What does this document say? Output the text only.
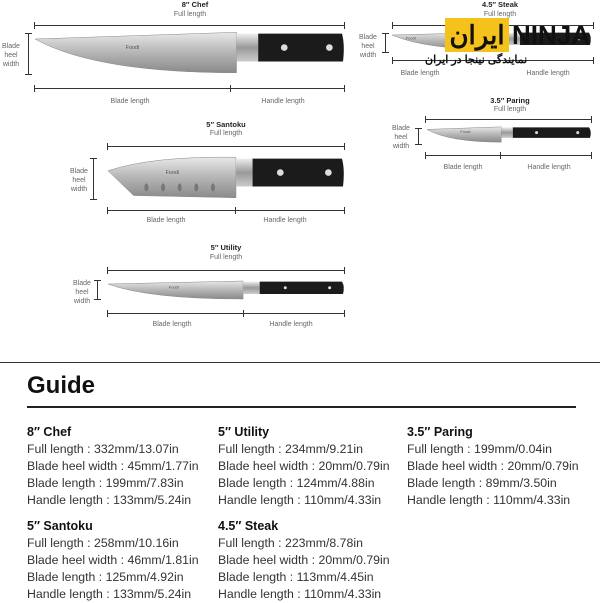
8″ Chef
Full length
Blade heel width
Foodi
Blade length	Handle length
4.5″ Steak
Full length
Blade heel width
Foodi
Blade length	Handle length
3.5″ Paring
Full length
Blade heel width
Foodi
Blade length	Handle length
5″ Santoku
Full length
Blade heel width
Foodi
Blade length	Handle length
5″ Utility
Full length
Blade heel width
Foodi
Blade length	Handle length
ایران NINJA
نمایندگی نینجا در ایران
Guide
8″ Chef
Full length : 332mm/13.07in
Blade heel width : 45mm/1.77in
Blade length : 199mm/7.83in
Handle length : 133mm/5.24in
5″ Santoku
Full length : 258mm/10.16in
Blade heel width : 46mm/1.81in
Blade length : 125mm/4.92in
Handle length : 133mm/5.24in
5″ Utility
Full length : 234mm/9.21in
Blade heel width : 20mm/0.79in
Blade length : 124mm/4.88in
Handle length : 110mm/4.33in
4.5″ Steak
Full length : 223mm/8.78in
Blade heel width : 20mm/0.79in
Blade length : 113mm/4.45in
Handle length : 110mm/4.33in
3.5″ Paring
Full length : 199mm/0.04in
Blade heel width : 20mm/0.79in
Blade length : 89mm/3.50in
Handle length : 110mm/4.33in
